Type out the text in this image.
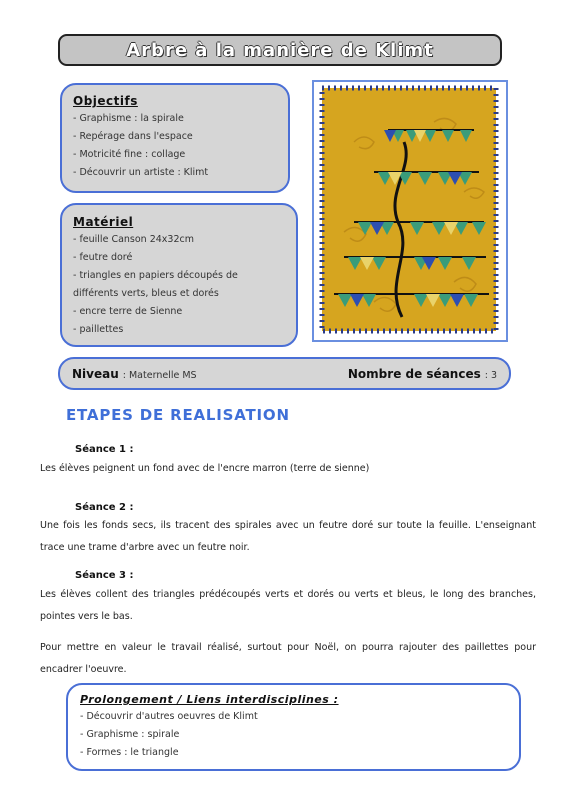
Arbre à la manière de Klimt
Objectifs
- Graphisme : la spirale
- Repérage dans l'espace
- Motricité fine : collage
- Découvrir un artiste : Klimt
Matériel
- feuille Canson 24x32cm
- feutre doré
- triangles en papiers découpés de
différents verts, bleus et dorés
- encre terre de Sienne
- paillettes
Niveau : Maternelle MS	Nombre de séances : 3
ETAPES DE REALISATION
Séance 1 :
Les élèves peignent un fond avec de l'encre marron (terre de sienne)
Séance 2 :
Une fois les fonds secs, ils tracent des spirales avec un feutre doré sur toute la feuille. L'enseignant trace une trame d'arbre avec un feutre noir.
Séance 3 :
Les élèves collent des triangles prédécoupés verts et dorés ou verts et bleus, le long des branches, pointes vers le bas.
Pour mettre en valeur le travail réalisé, surtout pour Noël, on pourra rajouter des paillettes pour encadrer l'oeuvre.
Prolongement / Liens interdisciplines :
- Découvrir d'autres oeuvres de Klimt
- Graphisme : spirale
- Formes : le triangle
